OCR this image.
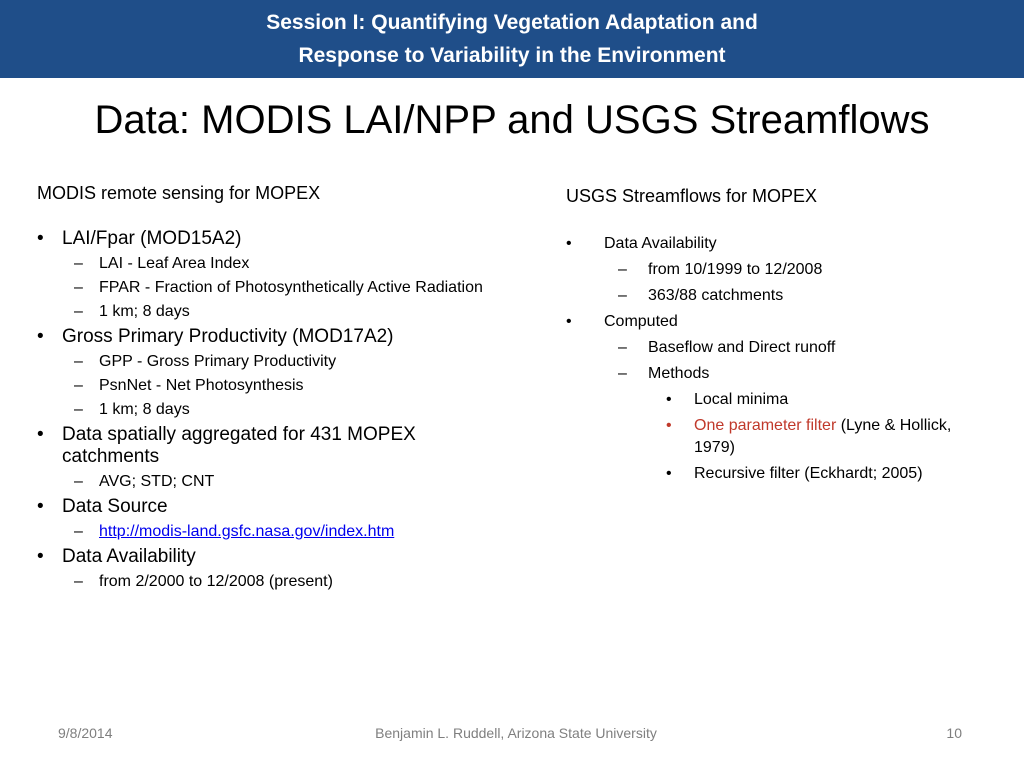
Session I: Quantifying Vegetation Adaptation and
Response to Variability in the Environment
Data: MODIS LAI/NPP and USGS Streamflows
MODIS remote sensing for MOPEX
• LAI/Fpar (MOD15A2)
– LAI - Leaf Area Index
– FPAR - Fraction of Photosynthetically Active Radiation
– 1 km; 8 days
• Gross Primary Productivity (MOD17A2)
– GPP - Gross Primary Productivity
– PsnNet - Net Photosynthesis
– 1 km; 8 days
• Data spatially aggregated for 431 MOPEX catchments
– AVG; STD; CNT
• Data Source
– http://modis-land.gsfc.nasa.gov/index.htm
• Data Availability
– from 2/2000 to 12/2008 (present)
USGS Streamflows for MOPEX
• Data Availability
– from 10/1999 to 12/2008
– 363/88 catchments
• Computed
– Baseflow and Direct runoff
– Methods
• Local minima
• One parameter filter (Lyne & Hollick, 1979)
• Recursive filter (Eckhardt; 2005)
9/8/2014	Benjamin L. Ruddell, Arizona State University	10
